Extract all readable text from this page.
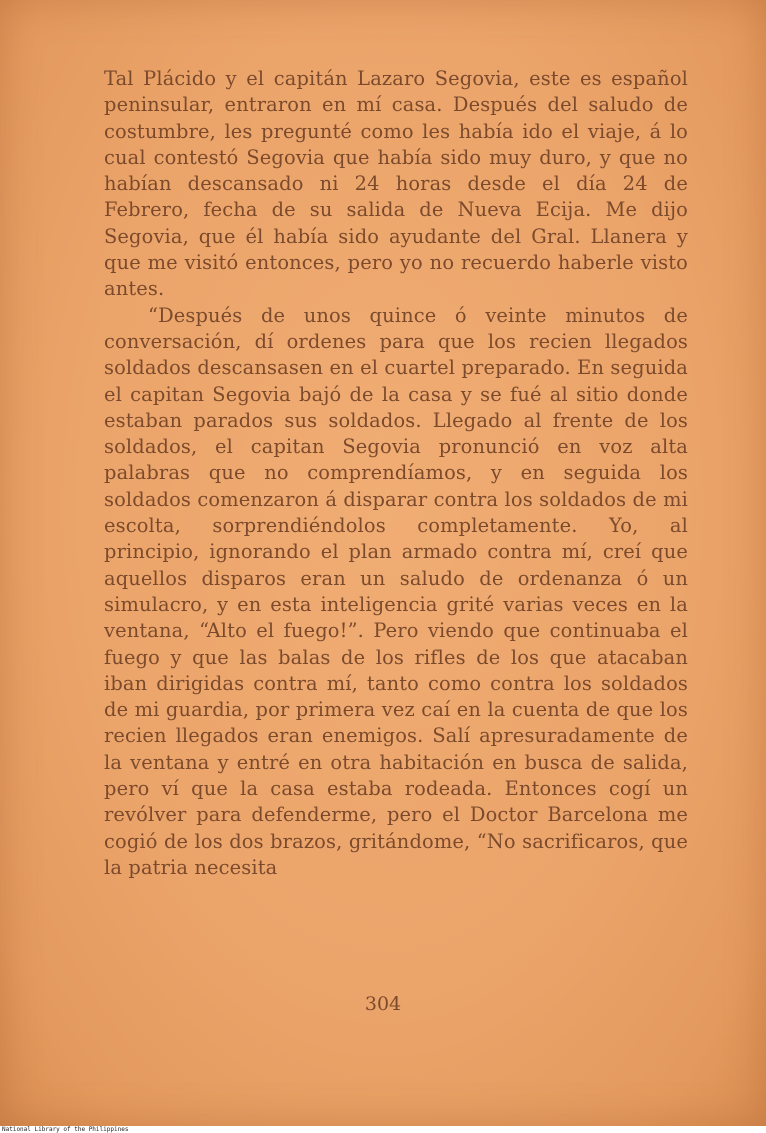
Tal Plácido y el capitán Lazaro Segovia, este es español peninsular, entraron en mí casa. Después del saludo de costumbre, les pregunté como les había ido el viaje, á lo cual contestó Segovia que había sido muy duro, y que no habían descansado ni 24 horas desde el día 24 de Febrero, fecha de su salida de Nueva Ecija. Me dijo Segovia, que él había sido ayudante del Gral. Llanera y que me visitó entonces, pero yo no recuerdo haberle visto antes.

“Después de unos quince ó veinte minutos de conversación, dí ordenes para que los recien llegados soldados descansasen en el cuartel preparado. En seguida el capitan Segovia bajó de la casa y se fué al sitio donde estaban parados sus soldados. Llegado al frente de los soldados, el capitan Segovia pronunció en voz alta palabras que no comprendíamos, y en seguida los soldados comenzaron á disparar contra los soldados de mi escolta, sorprendiéndolos completamente. Yo, al principio, ignorando el plan armado contra mí, creí que aquellos disparos eran un saludo de ordenanza ó un simulacro, y en esta inteligencia grité varias veces en la ventana, “Alto el fuego!”. Pero viendo que continuaba el fuego y que las balas de los rifles de los que atacaban iban dirigidas contra mí, tanto como contra los soldados de mi guardia, por primera vez caí en la cuenta de que los recien llegados eran enemigos. Salí apresuradamente de la ventana y entré en otra habitación en busca de salida, pero ví que la casa estaba rodeada. Entonces cogí un revólver para defenderme, pero el Doctor Barcelona me cogió de los dos brazos, gritándome, “No sacrificaros, que la patria necesita

304
National Library of the Philippines
